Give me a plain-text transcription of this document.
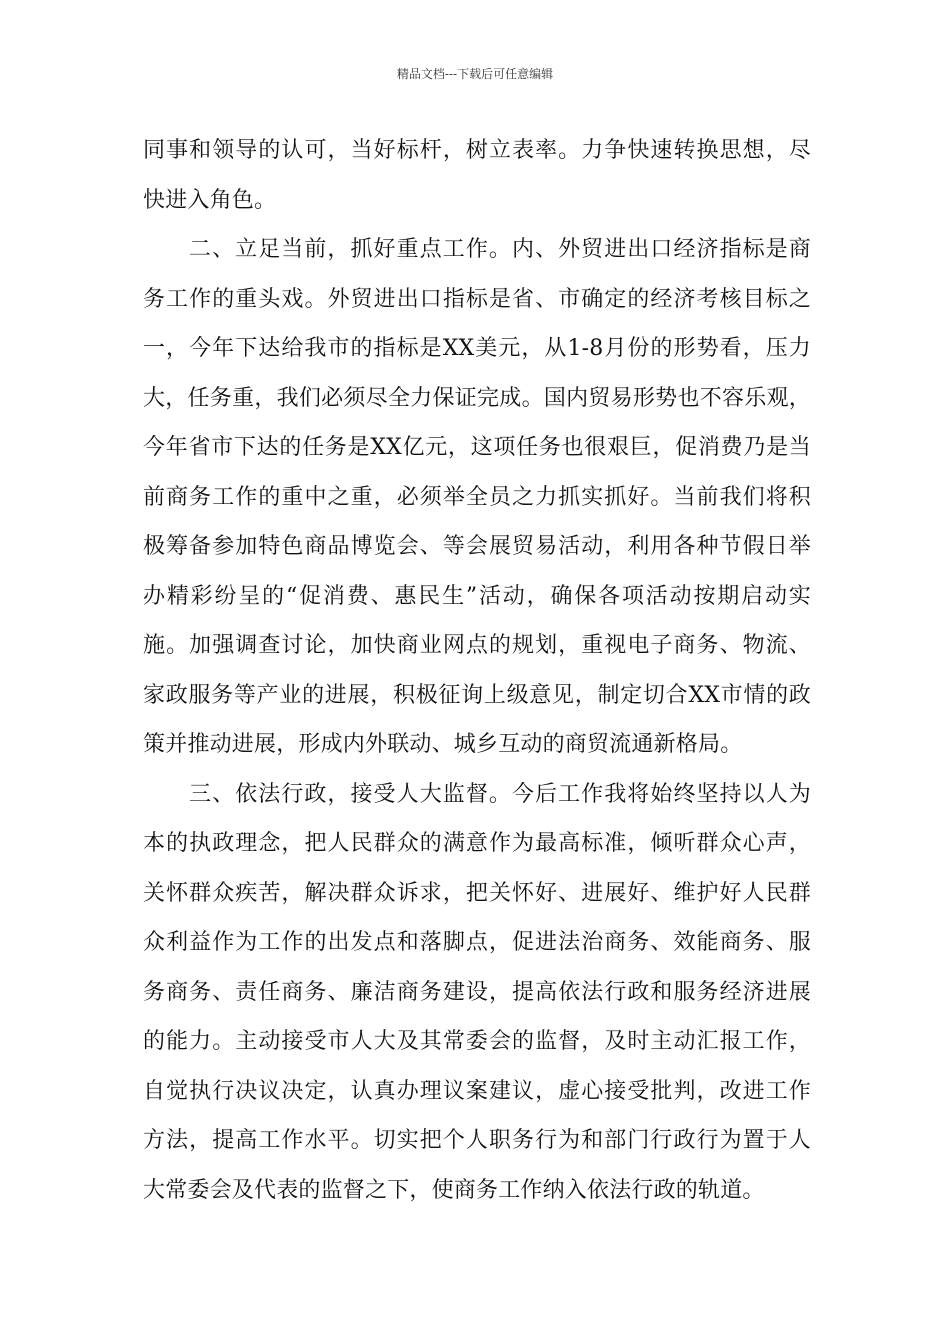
精品文档---下载后可任意编辑
同事和领导的认可，当好标杆，树立表率。力争快速转换思想，尽
快进入角色。
二、立足当前，抓好重点工作。内、外贸进出口经济指标是商
务工作的重头戏。外贸进出口指标是省、市确定的经济考核目标之
一，今年下达给我市的指标是XX美元，从1-8月份的形势看，压力
大，任务重，我们必须尽全力保证完成。国内贸易形势也不容乐观，
今年省市下达的任务是XX亿元，这项任务也很艰巨，促消费乃是当
前商务工作的重中之重，必须举全员之力抓实抓好。当前我们将积
极筹备参加特色商品博览会、等会展贸易活动，利用各种节假日举
办精彩纷呈的“促消费、惠民生”活动，确保各项活动按期启动实
施。加强调查讨论，加快商业网点的规划，重视电子商务、物流、
家政服务等产业的进展，积极征询上级意见，制定切合XX市情的政
策并推动进展，形成内外联动、城乡互动的商贸流通新格局。
三、依法行政，接受人大监督。今后工作我将始终坚持以人为
本的执政理念，把人民群众的满意作为最高标准，倾听群众心声，
关怀群众疾苦，解决群众诉求，把关怀好、进展好、维护好人民群
众利益作为工作的出发点和落脚点，促进法治商务、效能商务、服
务商务、责任商务、廉洁商务建设，提高依法行政和服务经济进展
的能力。主动接受市人大及其常委会的监督，及时主动汇报工作，
自觉执行决议决定，认真办理议案建议，虚心接受批判，改进工作
方法，提高工作水平。切实把个人职务行为和部门行政行为置于人
大常委会及代表的监督之下，使商务工作纳入依法行政的轨道。
